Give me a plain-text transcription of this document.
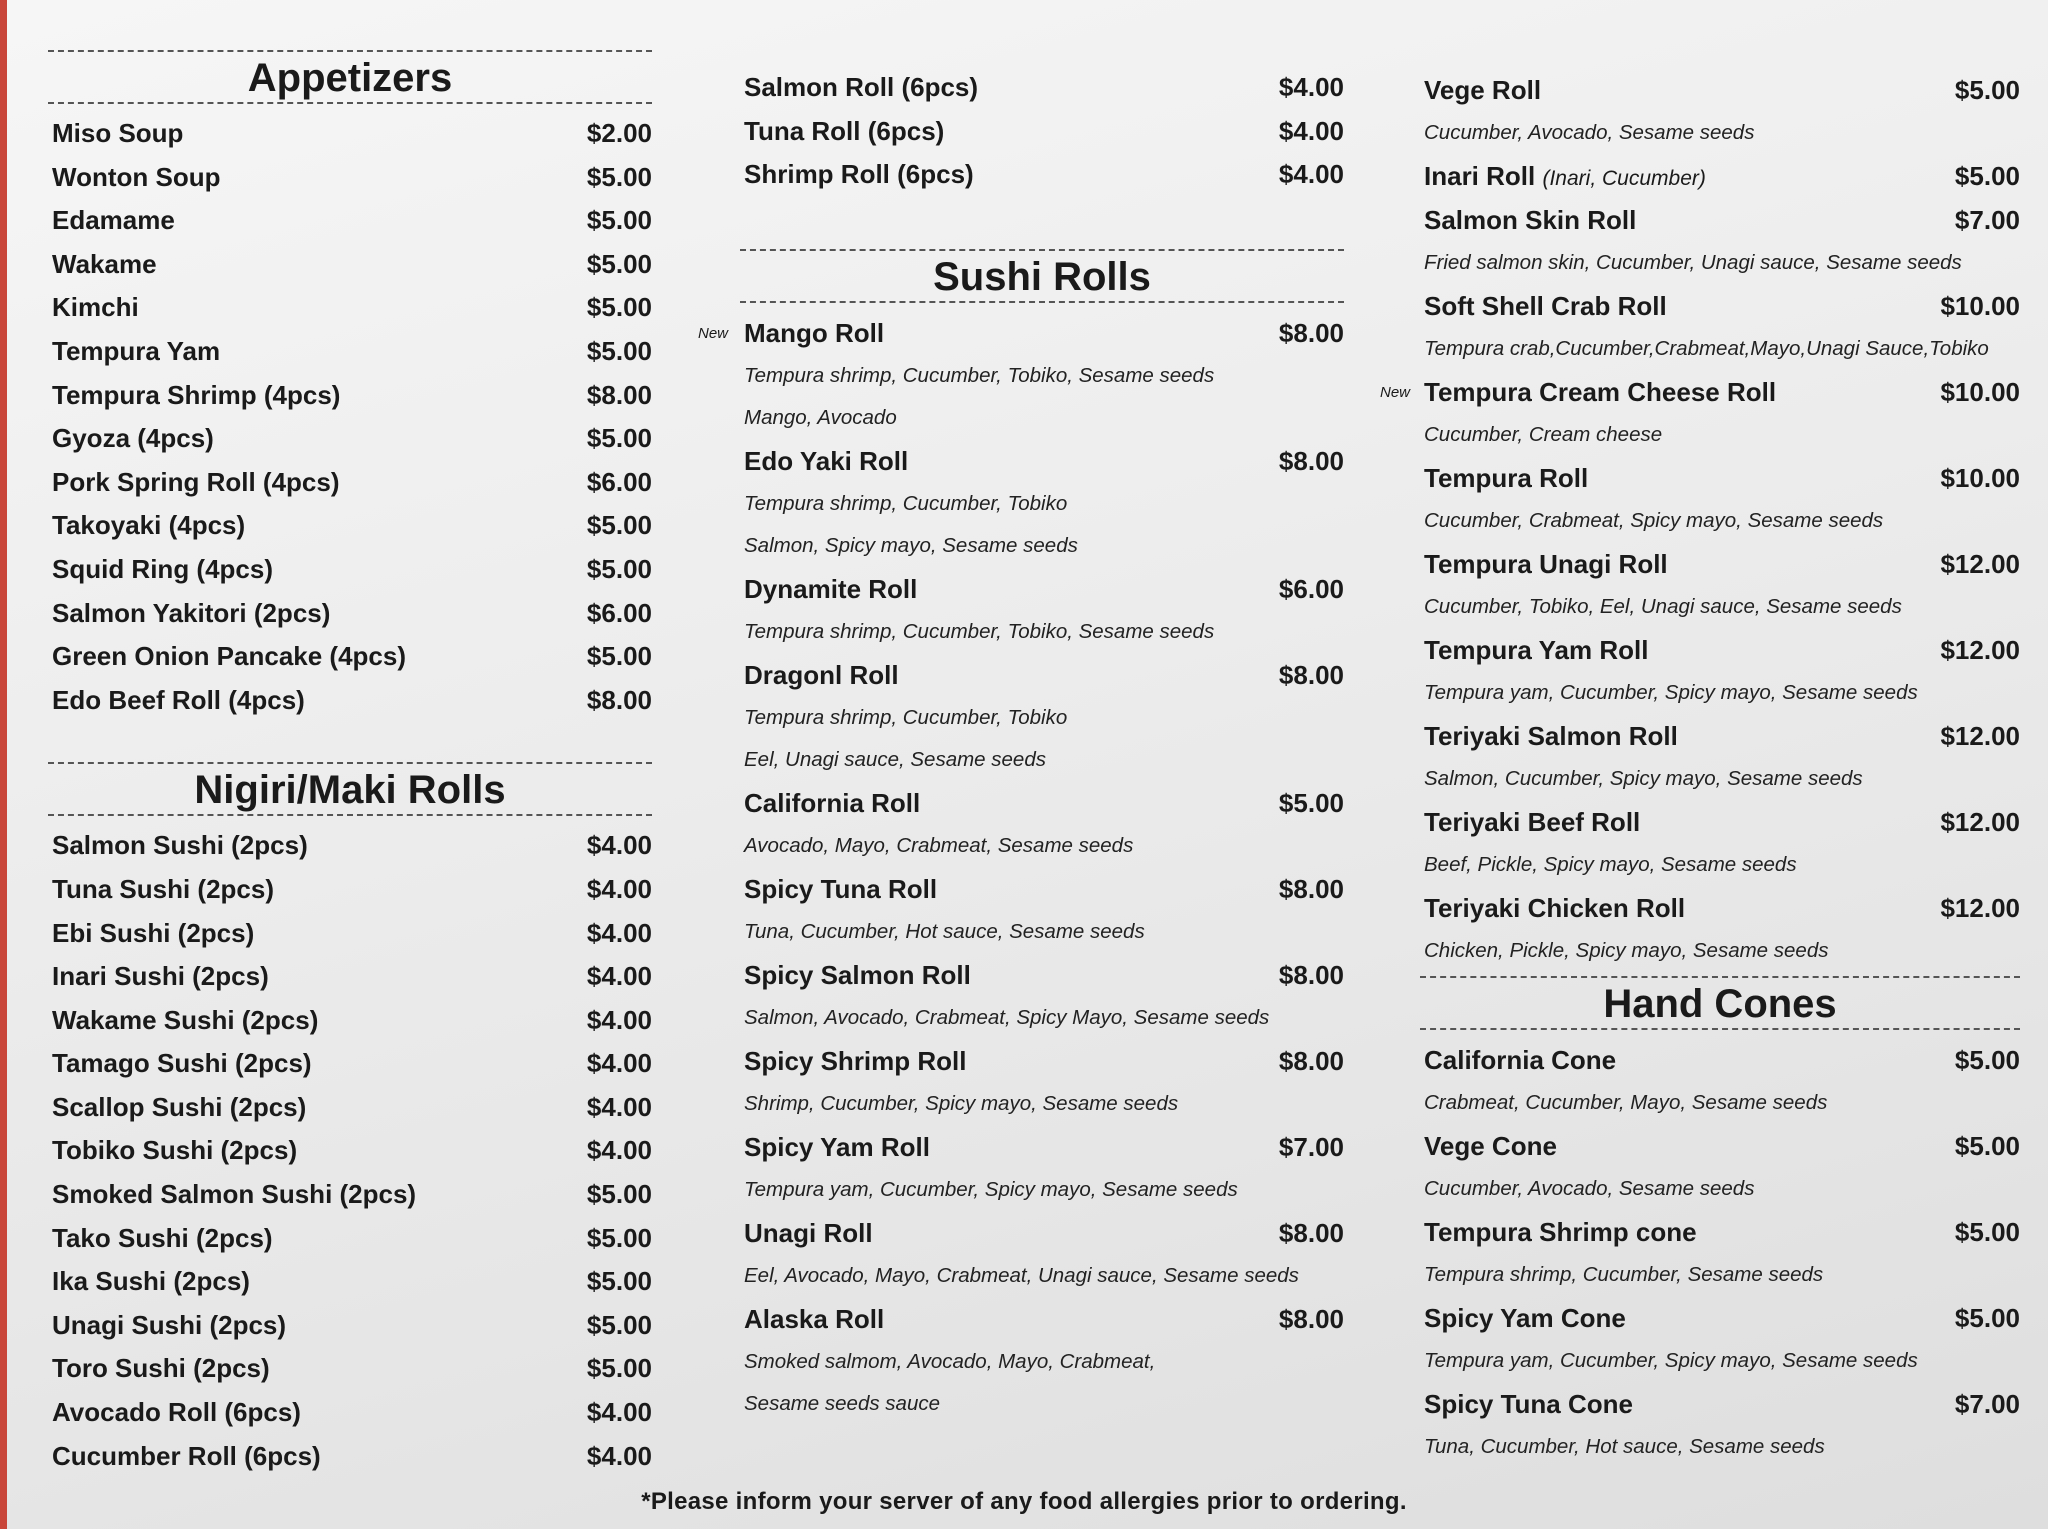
Appetizers
Miso Soup	$2.00
Wonton Soup	$5.00
Edamame	$5.00
Wakame	$5.00
Kimchi	$5.00
Tempura Yam	$5.00
Tempura Shrimp (4pcs)	$8.00
Gyoza (4pcs)	$5.00
Pork Spring Roll (4pcs)	$6.00
Takoyaki (4pcs)	$5.00
Squid Ring (4pcs)	$5.00
Salmon Yakitori (2pcs)	$6.00
Green Onion Pancake (4pcs)	$5.00
Edo Beef Roll (4pcs)	$8.00
Nigiri/Maki Rolls
Salmon Sushi (2pcs)	$4.00
Tuna Sushi (2pcs)	$4.00
Ebi Sushi (2pcs)	$4.00
Inari Sushi (2pcs)	$4.00
Wakame Sushi (2pcs)	$4.00
Tamago Sushi (2pcs)	$4.00
Scallop Sushi (2pcs)	$4.00
Tobiko Sushi (2pcs)	$4.00
Smoked Salmon Sushi (2pcs)	$5.00
Tako Sushi (2pcs)	$5.00
Ika Sushi (2pcs)	$5.00
Unagi Sushi (2pcs)	$5.00
Toro Sushi (2pcs)	$5.00
Avocado Roll (6pcs)	$4.00
Cucumber Roll (6pcs)	$4.00
Salmon Roll (6pcs)	$4.00
Tuna Roll (6pcs)	$4.00
Shrimp Roll (6pcs)	$4.00
Sushi Rolls
New Mango Roll	$8.00
Tempura shrimp, Cucumber, Tobiko, Sesame seeds
Mango, Avocado
Edo Yaki Roll	$8.00
Tempura shrimp, Cucumber, Tobiko
Salmon, Spicy mayo, Sesame seeds
Dynamite Roll	$6.00
Tempura shrimp, Cucumber, Tobiko, Sesame seeds
Dragonl Roll	$8.00
Tempura shrimp, Cucumber, Tobiko
Eel, Unagi sauce, Sesame seeds
California Roll	$5.00
Avocado, Mayo, Crabmeat, Sesame seeds
Spicy Tuna Roll	$8.00
Tuna, Cucumber, Hot sauce, Sesame seeds
Spicy Salmon Roll	$8.00
Salmon, Avocado, Crabmeat, Spicy Mayo, Sesame seeds
Spicy Shrimp Roll	$8.00
Shrimp, Cucumber, Spicy mayo, Sesame seeds
Spicy Yam Roll	$7.00
Tempura yam, Cucumber, Spicy mayo, Sesame seeds
Unagi Roll	$8.00
Eel, Avocado, Mayo, Crabmeat, Unagi sauce, Sesame seeds
Alaska Roll	$8.00
Smoked salmom, Avocado, Mayo, Crabmeat,
Sesame seeds sauce
Vege Roll	$5.00
Cucumber, Avocado, Sesame seeds
Inari Roll (Inari, Cucumber)	$5.00
Salmon Skin Roll	$7.00
Fried salmon skin, Cucumber, Unagi sauce, Sesame seeds
Soft Shell Crab Roll	$10.00
Tempura crab,Cucumber,Crabmeat,Mayo,Unagi Sauce,Tobiko
New Tempura Cream Cheese Roll	$10.00
Cucumber, Cream cheese
Tempura Roll	$10.00
Cucumber, Crabmeat, Spicy mayo, Sesame seeds
Tempura Unagi Roll	$12.00
Cucumber, Tobiko, Eel, Unagi sauce, Sesame seeds
Tempura Yam Roll	$12.00
Tempura yam, Cucumber, Spicy mayo, Sesame seeds
Teriyaki Salmon Roll	$12.00
Salmon, Cucumber, Spicy mayo, Sesame seeds
Teriyaki Beef Roll	$12.00
Beef, Pickle, Spicy mayo, Sesame seeds
Teriyaki Chicken Roll	$12.00
Chicken, Pickle, Spicy mayo, Sesame seeds
Hand Cones
California Cone	$5.00
Crabmeat, Cucumber, Mayo, Sesame seeds
Vege Cone	$5.00
Cucumber, Avocado, Sesame seeds
Tempura Shrimp cone	$5.00
Tempura shrimp, Cucumber, Sesame seeds
Spicy Yam Cone	$5.00
Tempura yam, Cucumber, Spicy mayo, Sesame seeds
Spicy Tuna Cone	$7.00
Tuna, Cucumber, Hot sauce, Sesame seeds
*Please inform your server of any food allergies prior to ordering.
